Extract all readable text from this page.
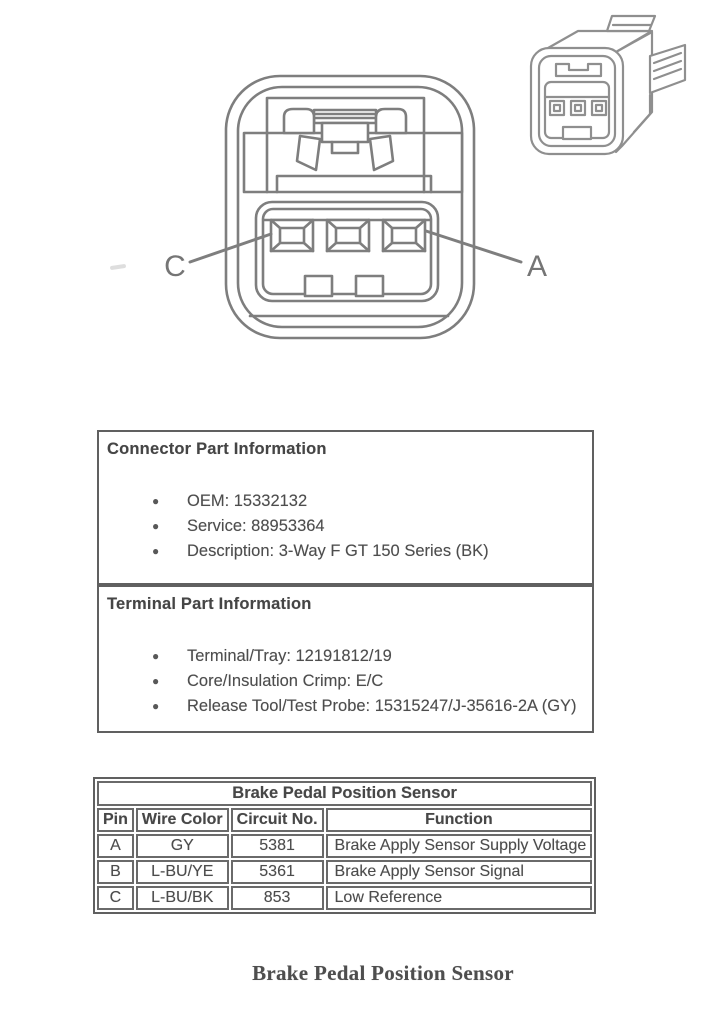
C	A
Connector Part Information
● OEM: 15332132
● Service: 88953364
● Description: 3-Way F GT 150 Series (BK)
Terminal Part Information
● Terminal/Tray: 12191812/19
● Core/Insulation Crimp: E/C
● Release Tool/Test Probe: 15315247/J-35616-2A (GY)
Brake Pedal Position Sensor			
Pin	Wire Color	Circuit No.	Function
A	GY	5381	Brake Apply Sensor Supply Voltage
B	L-BU/YE	5361	Brake Apply Sensor Signal
C	L-BU/BK	853	Low Reference
Brake Pedal Position Sensor
